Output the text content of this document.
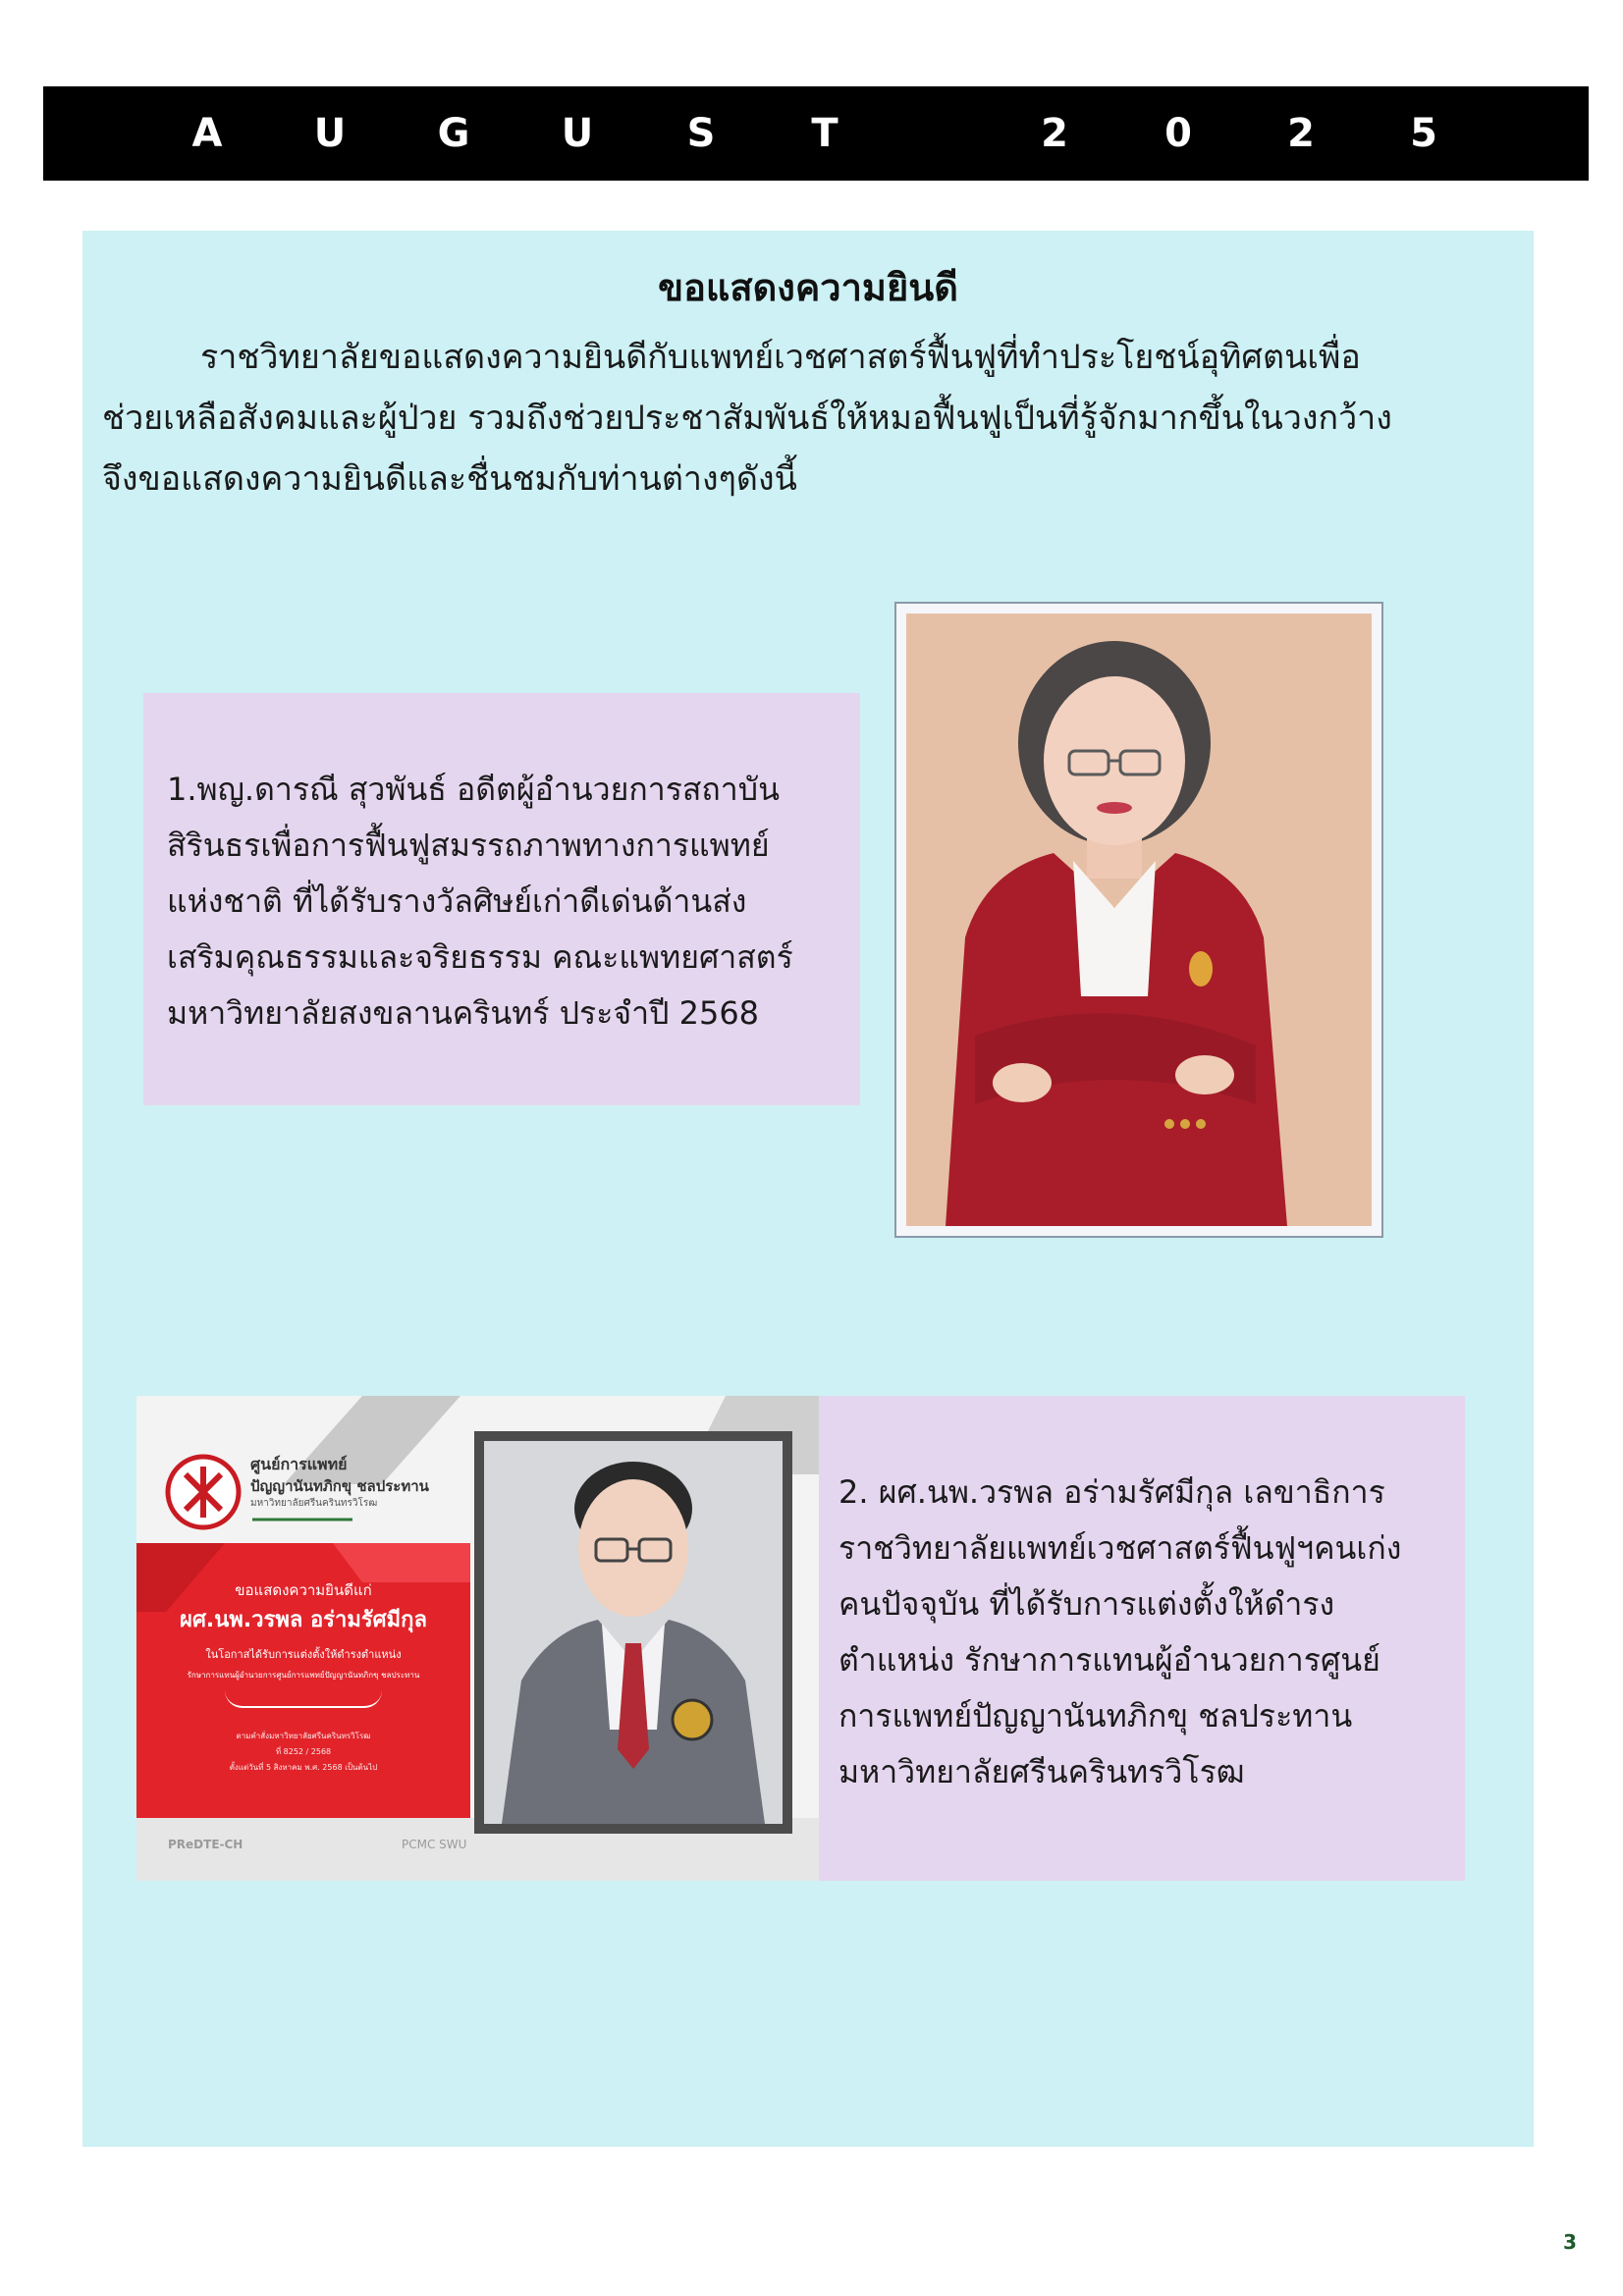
A	U	G	U	S	T	2	0	2	5
ขอแสดงความยินดี
ราชวิทยาลัยขอแสดงความยินดีกับแพทย์เวชศาสตร์ฟื้นฟูที่ทำประโยชน์อุทิศตนเพื่อ
ช่วยเหลือสังคมและผู้ป่วย รวมถึงช่วยประชาสัมพันธ์ให้หมอฟื้นฟูเป็นที่รู้จักมากขึ้นในวงกว้าง
จึงขอแสดงความยินดีและชื่นชมกับท่านต่างๆดังนี้
1.พญ.ดารณี สุวพันธ์ อดีตผู้อำนวยการสถาบัน
สิรินธรเพื่อการฟื้นฟูสมรรถภาพทางการแพทย์
แห่งชาติ ที่ได้รับรางวัลศิษย์เก่าดีเด่นด้านส่ง
เสริมคุณธรรมและจริยธรรม คณะแพทยศาสตร์
มหาวิทยาลัยสงขลานครินทร์ ประจำปี 2568
ศูนย์การแพทย์
ปัญญานันทภิกขุ ชลประทาน
มหาวิทยาลัยศรีนครินทรวิโรฒ
ขอแสดงความยินดีแก่
ผศ.นพ.วรพล อร่ามรัศมีกุล
ในโอกาสได้รับการแต่งตั้งให้ดำรงตำแหน่ง
รักษาการแทนผู้อำนวยการศูนย์การแพทย์ปัญญานันทภิกขุ ชลประทาน
ตามคำสั่งมหาวิทยาลัยศรีนครินทรวิโรฒ
ที่ 8252 / 2568
ตั้งแต่วันที่ 5 สิงหาคม พ.ศ. 2568 เป็นต้นไป
PReDTE-CH	PCMC SWU
2. ผศ.นพ.วรพล อร่ามรัศมีกุล เลขาธิการ
ราชวิทยาลัยแพทย์เวชศาสตร์ฟื้นฟูฯคนเก่ง
คนปัจจุบัน ที่ได้รับการแต่งตั้งให้ดำรง
ตำแหน่ง รักษาการแทนผู้อำนวยการศูนย์
การแพทย์ปัญญานันทภิกขุ ชลประทาน
มหาวิทยาลัยศรีนครินทรวิโรฒ
3
